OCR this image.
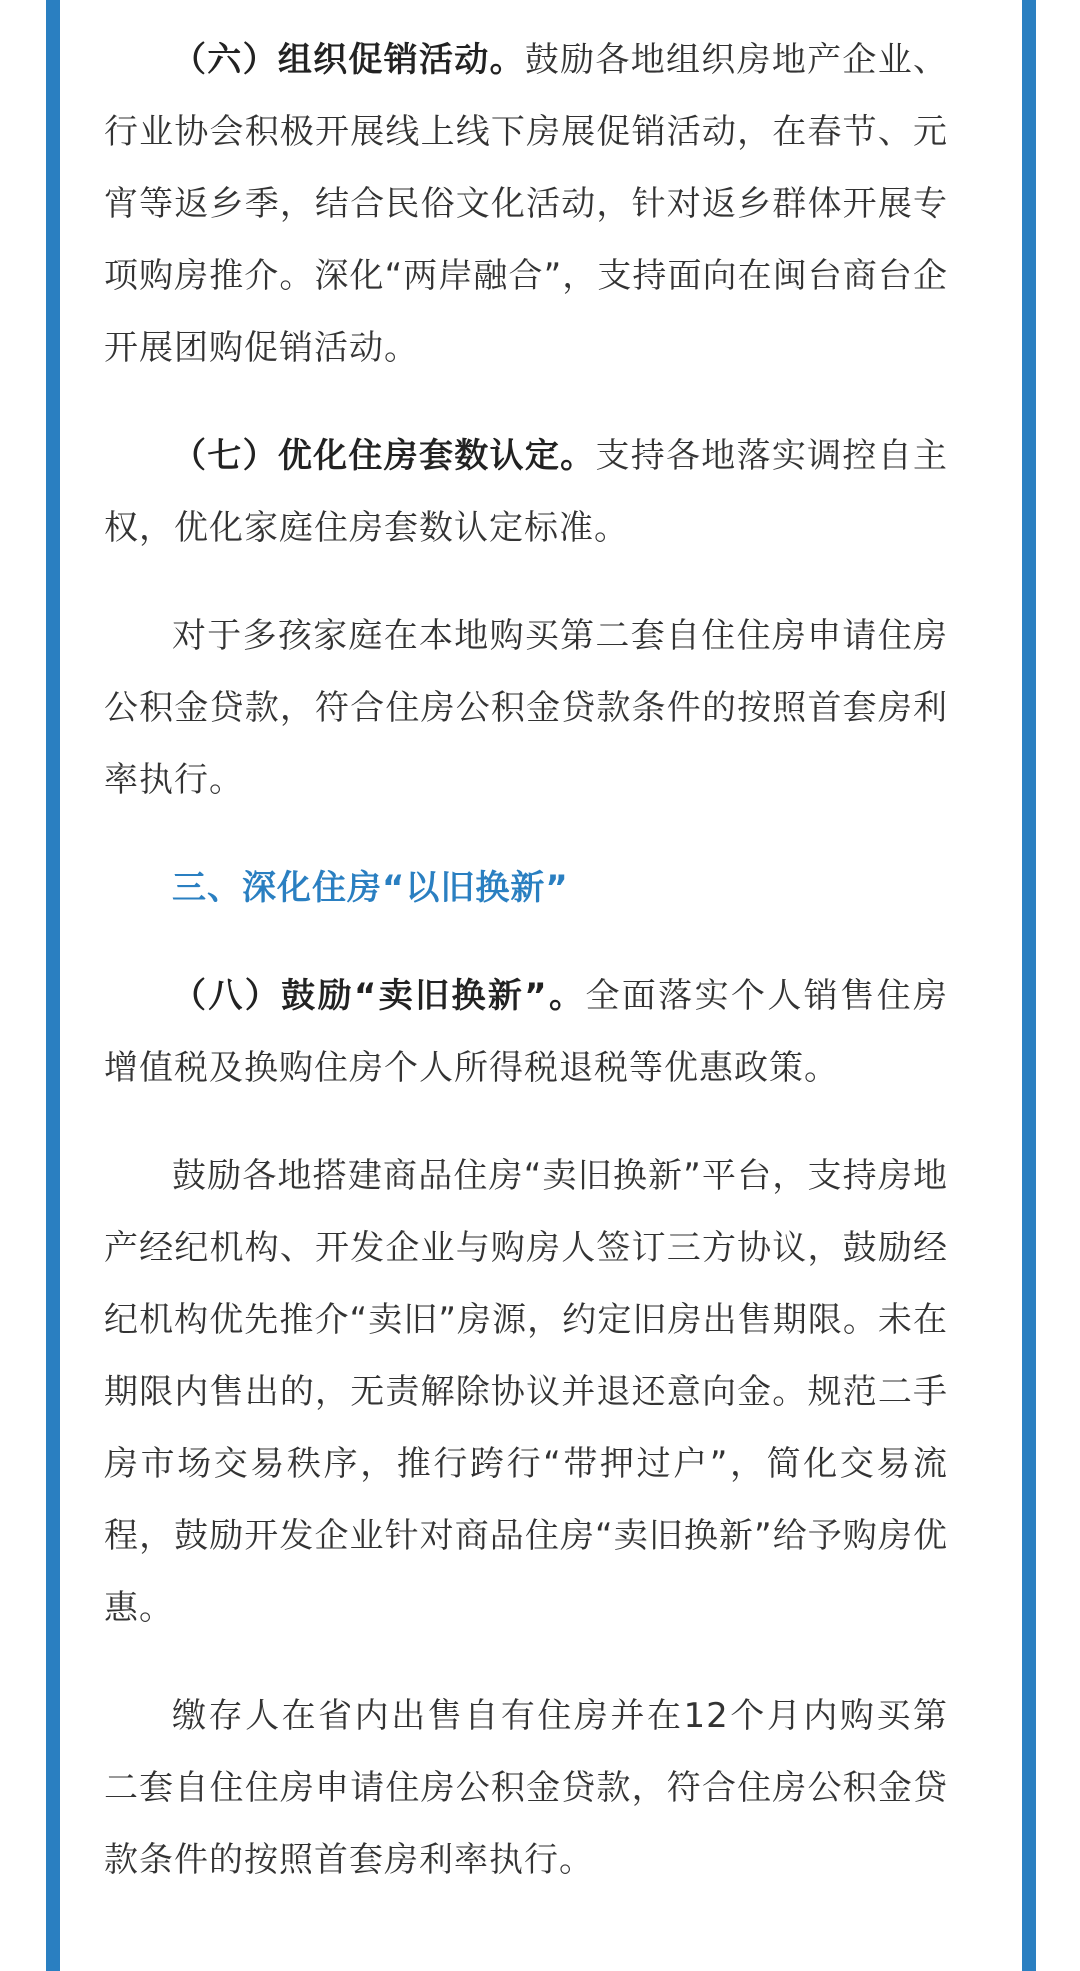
（六）组织促销活动。鼓励各地组织房地产企业、行业协会积极开展线上线下房展促销活动，在春节、元宵等返乡季，结合民俗文化活动，针对返乡群体开展专项购房推介。深化“两岸融合”，支持面向在闽台商台企开展团购促销活动。

（七）优化住房套数认定。支持各地落实调控自主权，优化家庭住房套数认定标准。

对于多孩家庭在本地购买第二套自住住房申请住房公积金贷款，符合住房公积金贷款条件的按照首套房利率执行。

三、深化住房“以旧换新”

（八）鼓励“卖旧换新”。全面落实个人销售住房增值税及换购住房个人所得税退税等优惠政策。

鼓励各地搭建商品住房“卖旧换新”平台，支持房地产经纪机构、开发企业与购房人签订三方协议，鼓励经纪机构优先推介“卖旧”房源，约定旧房出售期限。未在期限内售出的，无责解除协议并退还意向金。规范二手房市场交易秩序，推行跨行“带押过户”，简化交易流程，鼓励开发企业针对商品住房“卖旧换新”给予购房优惠。

缴存人在省内出售自有住房并在12个月内购买第二套自住住房申请住房公积金贷款，符合住房公积金贷款条件的按照首套房利率执行。
